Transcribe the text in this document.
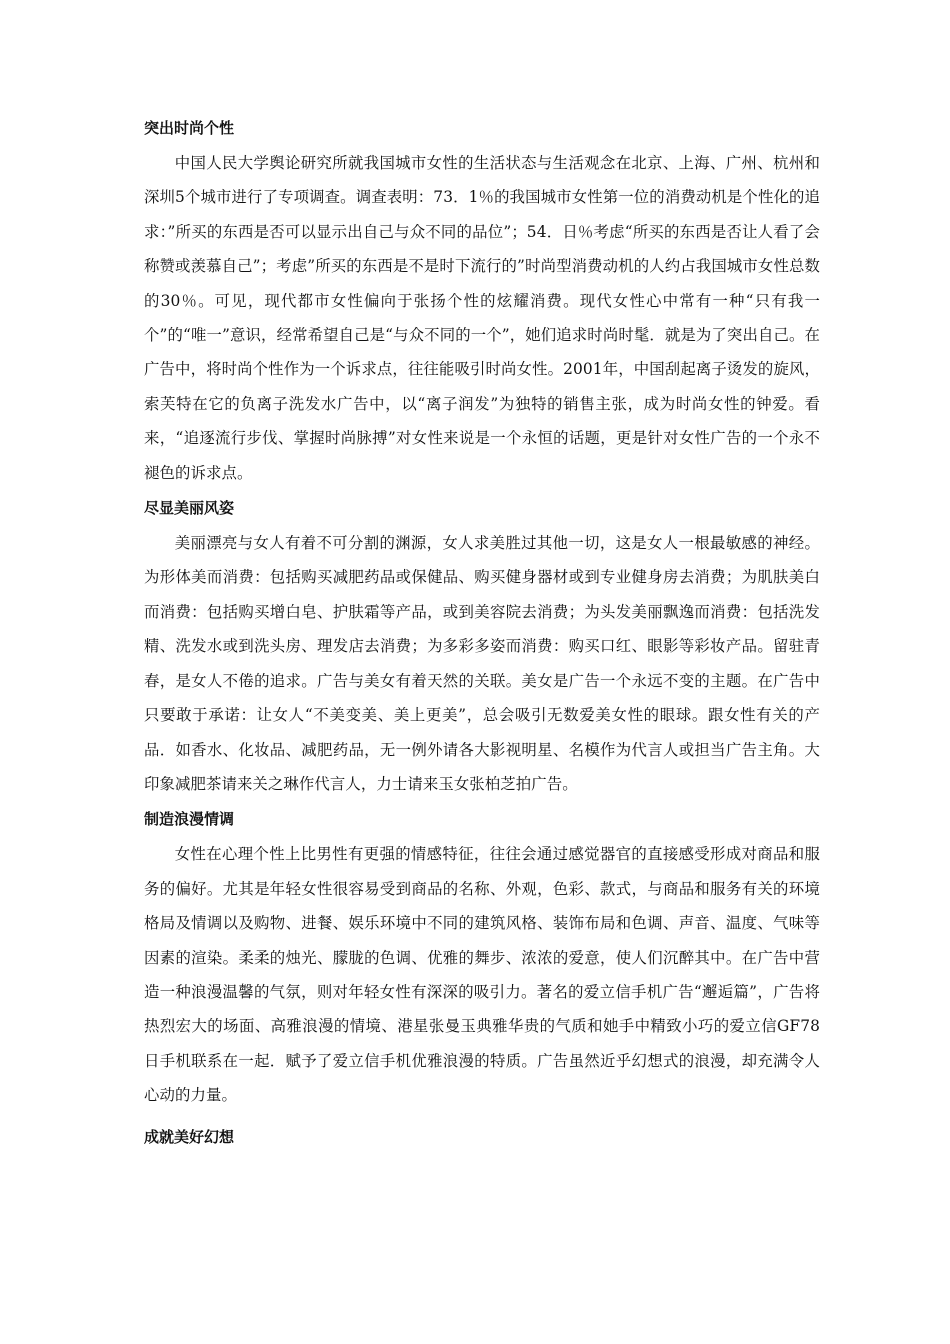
突出时尚个性

中国人民大学舆论研究所就我国城市女性的生活状态与生活观念在北京、上海、广州、杭州和深圳5个城市进行了专项调查。调查表明：73．1％的我国城市女性第一位的消费动机是个性化的追求：”所买的东西是否可以显示出自己与众不同的品位”；54．日％考虑“所买的东西是否让人看了会称赞或羡慕自己”；考虑”所买的东西是不是时下流行的”时尚型消费动机的人约占我国城市女性总数的30％。可见，现代都市女性偏向于张扬个性的炫耀消费。现代女性心中常有一种“只有我一个”的“唯一”意识，经常希望自己是“与众不同的一个”，她们追求时尚时髦．就是为了突出自己。在广告中，将时尚个性作为一个诉求点，往往能吸引时尚女性。2001年，中国刮起离子烫发的旋风，索芙特在它的负离子洗发水广告中，以“离子润发”为独特的销售主张，成为时尚女性的钟爱。看来，“追逐流行步伐、掌握时尚脉搏”对女性来说是一个永恒的话题，更是针对女性广告的一个永不褪色的诉求点。

尽显美丽风姿

美丽漂亮与女人有着不可分割的渊源，女人求美胜过其他一切，这是女人一根最敏感的神经。为形体美而消费：包括购买减肥药品或保健品、购买健身器材或到专业健身房去消费；为肌肤美白而消费：包括购买增白皂、护肤霜等产品，或到美容院去消费；为头发美丽飘逸而消费：包括洗发精、洗发水或到洗头房、理发店去消费；为多彩多姿而消费：购买口红、眼影等彩妆产品。留驻青春，是女人不倦的追求。广告与美女有着天然的关联。美女是广告一个永远不变的主题。在广告中只要敢于承诺：让女人“不美变美、美上更美”，总会吸引无数爱美女性的眼球。跟女性有关的产品．如香水、化妆品、减肥药品，无一例外请各大影视明星、名模作为代言人或担当广告主角。大印象减肥茶请来关之琳作代言人，力士请来玉女张柏芝拍广告。

制造浪漫情调

女性在心理个性上比男性有更强的情感特征，往往会通过感觉器官的直接感受形成对商品和服务的偏好。尤其是年轻女性很容易受到商品的名称、外观，色彩、款式，与商品和服务有关的环境格局及情调以及购物、进餐、娱乐环境中不同的建筑风格、装饰布局和色调、声音、温度、气味等因素的渲染。柔柔的烛光、朦胧的色调、优雅的舞步、浓浓的爱意，使人们沉醉其中。在广告中营造一种浪漫温馨的气氛，则对年轻女性有深深的吸引力。著名的爱立信手机广告“邂逅篇”，广告将热烈宏大的场面、高雅浪漫的情境、港星张曼玉典雅华贵的气质和她手中精致小巧的爱立信GF78日手机联系在一起．赋予了爱立信手机优雅浪漫的特质。广告虽然近乎幻想式的浪漫，却充满令人心动的力量。

成就美好幻想
